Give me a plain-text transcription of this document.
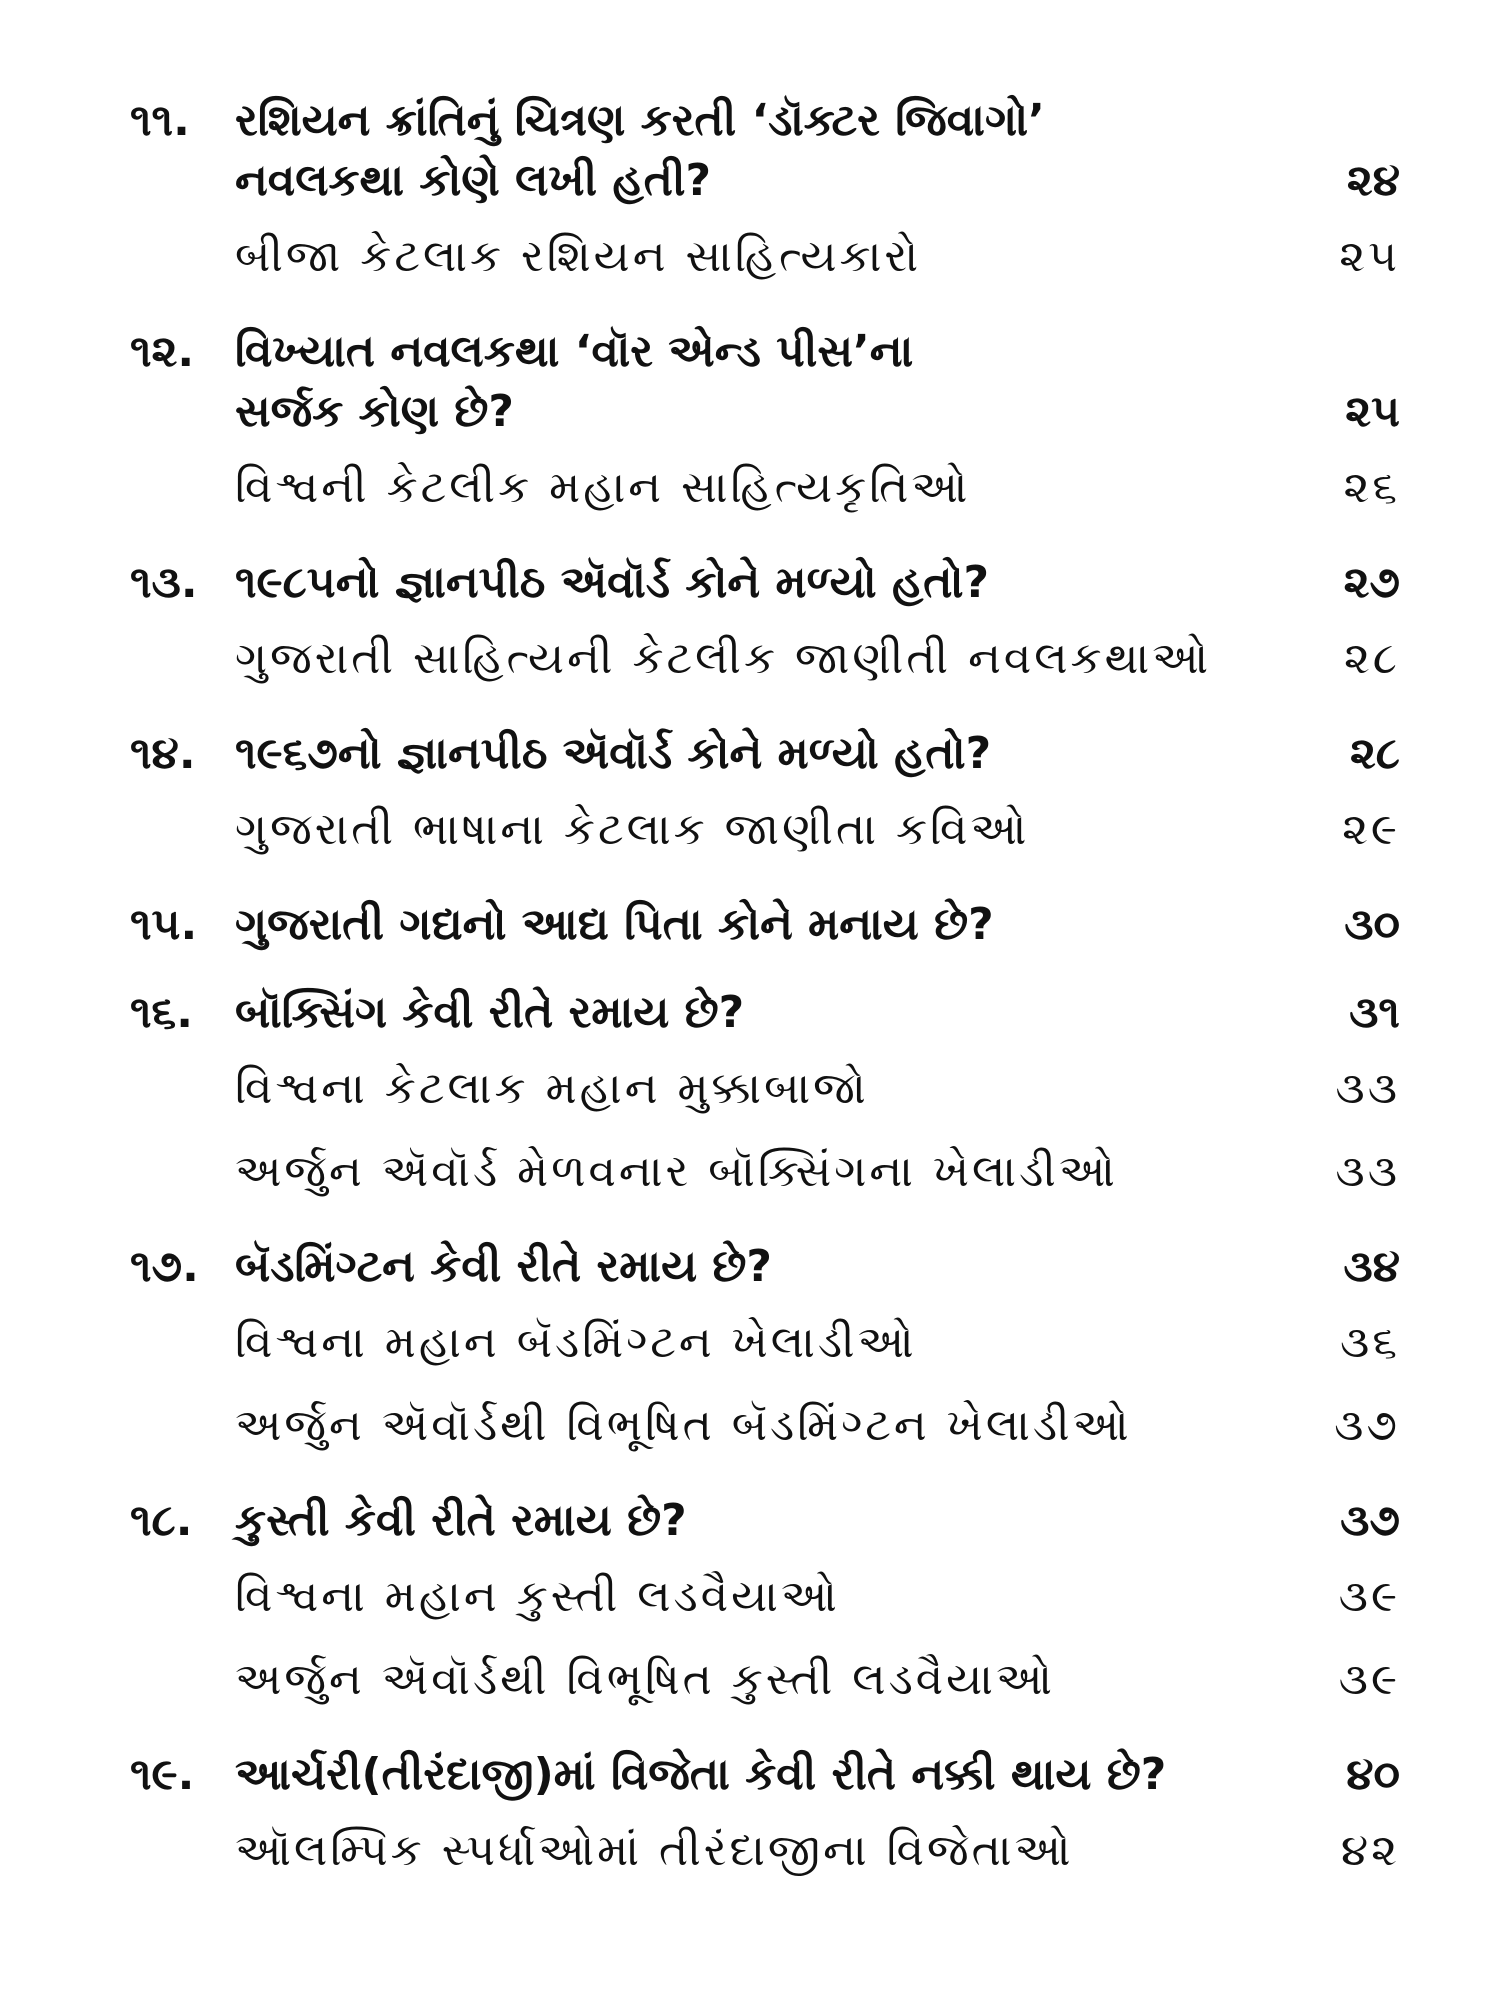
૧૧.	રશિયન ક્રાંતિનું ચિત્રણ કરતી ‘ડૉક્ટર જિવાગો’
નવલકથા કોણે લખી હતી?	૨૪
બીજા કેટલાક રશિયન સાહિત્યકારો	૨૫
૧૨. વિખ્યાત નવલકથા ‘વૉર એન્ડ પીસ’ના
સર્જક કોણ છે?	૨૫
વિશ્વની કેટલીક મહાન સાહિત્યકૃતિઓ	૨૬
૧૩. ૧૯૮૫નો જ્ઞાનપીઠ ઍવૉર્ડ કોને મળ્યો હતો?	૨૭
ગુજરાતી સાહિત્યની કેટલીક જાણીતી નવલકથાઓ	૨૮
૧૪. ૧૯૬૭નો જ્ઞાનપીઠ ઍવૉર્ડ કોને મળ્યો હતો?	૨૮
ગુજરાતી ભાષાના કેટલાક જાણીતા કવિઓ	૨૯
૧૫. ગુજરાતી ગદ્યનો આદ્ય પિતા કોને મનાય છે?	૩૦
૧૬. બૉક્સિંગ કેવી રીતે રમાય છે?	૩૧
વિશ્વના કેટલાક મહાન મુક્કાબાજો	૩૩
અર્જુન ઍવૉર્ડ મેળવનાર બૉક્સિંગના ખેલાડીઓ	૩૩
૧૭. બૅડમિંગ્ટન કેવી રીતે રમાય છે?	૩૪
વિશ્વના મહાન બૅડમિંગ્ટન ખેલાડીઓ	૩૬
અર્જુન ઍવૉર્ડથી વિભૂષિત બૅડમિંગ્ટન ખેલાડીઓ	૩૭
૧૮. કુસ્તી કેવી રીતે રમાય છે?	૩૭
વિશ્વના મહાન કુસ્તી લડવૈયાઓ	૩૯
અર્જુન ઍવૉર્ડથી વિભૂષિત કુસ્તી લડવૈયાઓ	૩૯
૧૯. આર્ચરી(તીરંદાજી)માં વિજેતા કેવી રીતે નક્કી થાય છે?	૪૦
ઑલમ્પિક સ્પર્ધાઓમાં તીરંદાજીના વિજેતાઓ	૪૨
